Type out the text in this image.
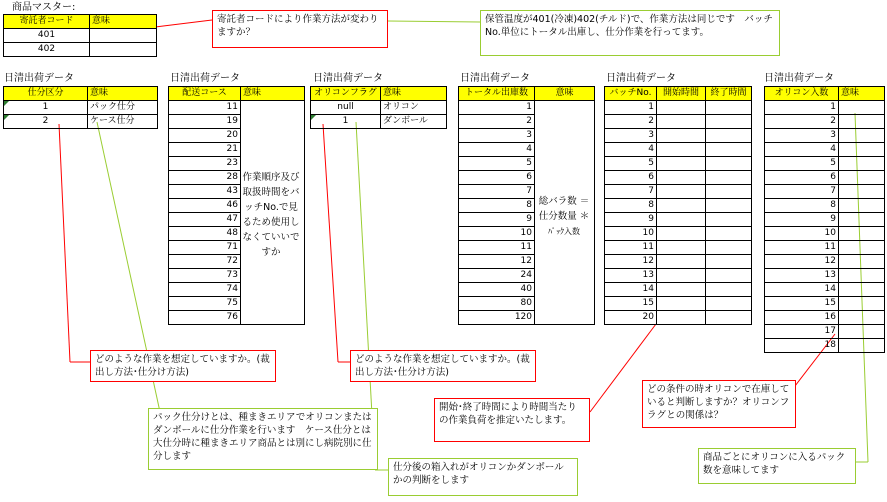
商品マスター:
寄託者コード	意味
401	
402	
日清出荷データ
仕分区分	意味
1	パック仕分
2	ケース仕分
日清出荷データ
配送コース	意味
11	
19	
20	
21	
23	
28	
43	
46	
47	
48	
71	
72	
73	
74	
75	
76	
作業順序及び取扱時間をバッチNo.で見るため使用しなくていいですか
日清出荷データ
オリコンフラグ	意味
null	オリコン
1	ダンボール
日清出荷データ
トータル出庫数	意味
1	
2	
3	
4	
5	
6	
7	
8	
9	
10	
11	
12	
24	
40	
80	
120	
総バラ数 ＝
仕分数量 ＊
ﾊﾟｯｸ入数
日清出荷データ
バッチNo.	開始時間	終了時間
1		
2		
3		
4		
5		
6		
7		
8		
9		
10		
11		
12		
13		
14		
15		
20		
日清出荷データ
オリコン入数	意味
1	
2	
3	
4	
5	
6	
7	
8	
9	
10	
11	
12	
13	
14	
15	
16	
17	
18	
寄託者コードにより作業方法が変わりますか？
保管温度が401(冷凍)402(チルド)で、作業方法は同じです　バッチNo.単位にトータル出庫し、仕分作業を行ってます。
どのような作業を想定していますか。(裁出し方法･仕分け方法)
パック仕分けとは、種まきエリアでオリコンまたはダンボールに仕分作業を行います　ケース仕分とは大仕分時に種まきエリア商品とは別にし病院別に仕分します
どのような作業を想定していますか。(裁出し方法･仕分け方法)
仕分後の箱入れがオリコンかダンボールかの判断をします
開始･終了時間により時間当たりの作業負荷を推定いたします。
どの条件の時オリコンで在庫していると判断しますか？オリコンフラグとの関係は？
商品ごとにオリコンに入るパック数を意味してます
